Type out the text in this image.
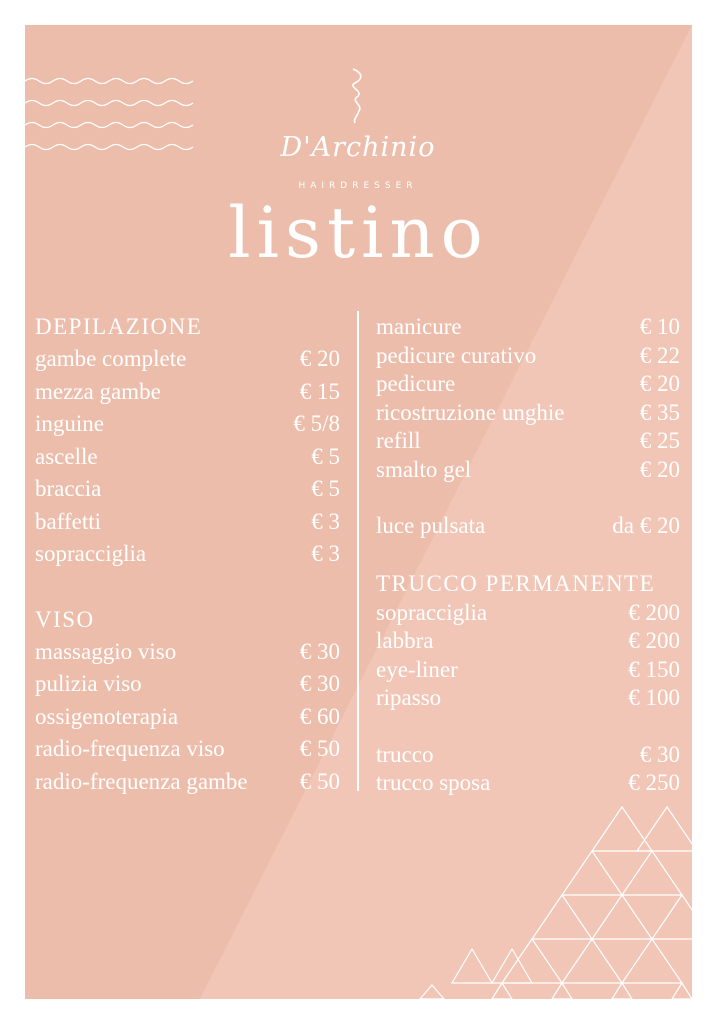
D'Archinio
HAIRDRESSER
listino
DEPILAZIONE
gambe complete	€ 20
mezza gambe	€ 15
inguine	€ 5/8
ascelle	€ 5
braccia	€ 5
baffetti	€ 3
sopracciglia	€ 3
VISO
massaggio viso	€ 30
pulizia viso	€ 30
ossigenoterapia	€ 60
radio-frequenza viso	€ 50
radio-frequenza gambe € 50
manicure	€ 10
pedicure curativo	€ 22
pedicure	€ 20
ricostruzione unghie	€ 35
refill	€ 25
smalto gel	€ 20
luce pulsata	da € 20
TRUCCO PERMANENTE
sopracciglia	€ 200
labbra	€ 200
eye-liner	€ 150
ripasso	€ 100
trucco	€ 30
trucco sposa	€ 250
